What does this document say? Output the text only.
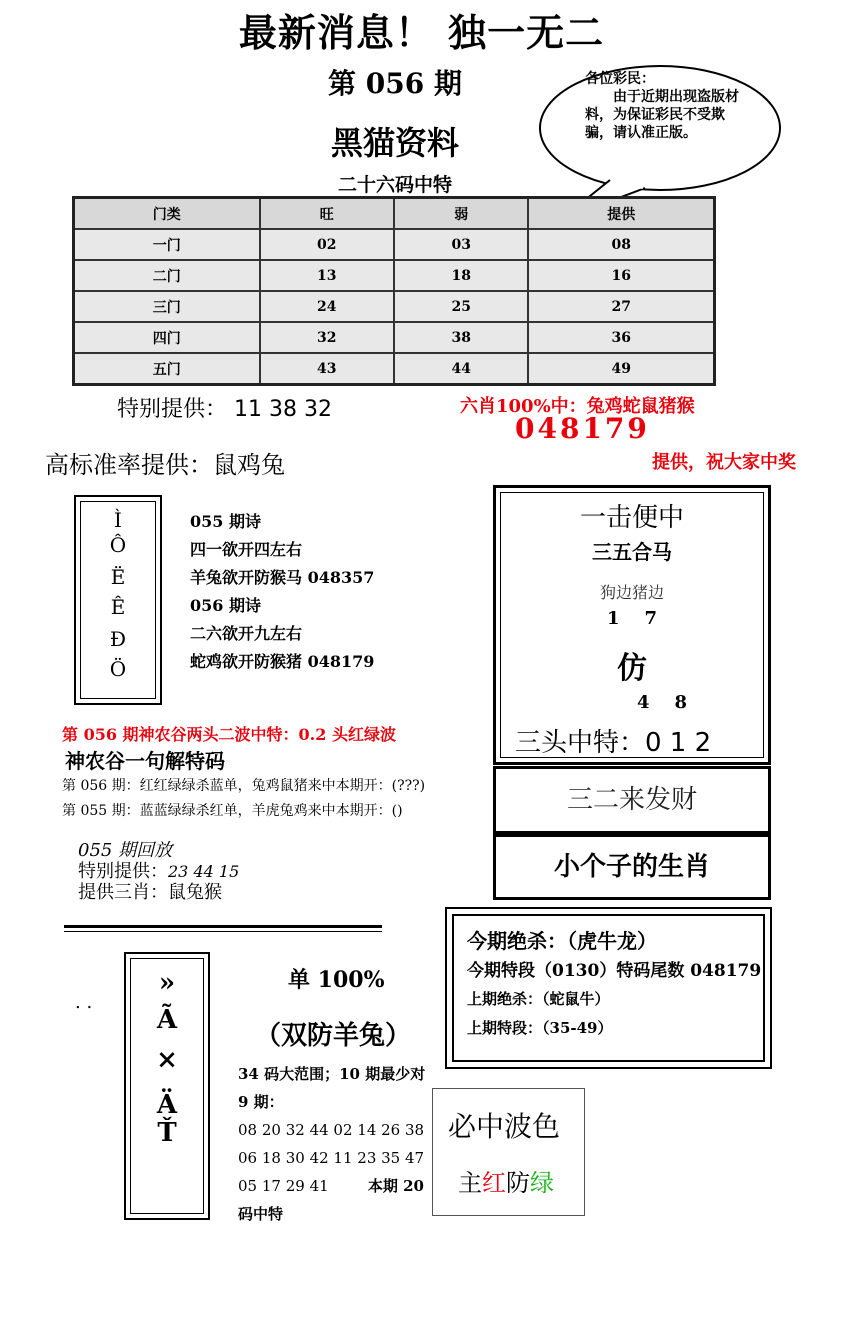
最新消息！ 独一无二
第 056 期
黑猫资料
二十六码中特
各位彩民：
由于近期出现盗版材料，为保证彩民不受欺骗，请认准正版。
门类	旺	弱	提供
一门	02	03	08
二门	13	18	16
三门	24	25	27
四门	32	38	36
五门	43	44	49
特别提供： 11 38 32	六肖100%中：兔鸡蛇鼠猪猴
048179
高标准率提供：鼠鸡兔	提供，祝大家中奖
Ì
Ô
Ë
Ê
Ð
Ö
055 期诗
四一欲开四左右
羊兔欲开防猴马 048357
056 期诗
二六欲开九左右
蛇鸡欲开防猴猪 048179
第 056 期神农谷两头二波中特：0.2 头红绿波
神农谷一句解特码
第 056 期：红红绿绿杀蓝单，兔鸡鼠猪来中本期开：(???)
第 055 期：蓝蓝绿绿杀红单，羊虎兔鸡来中本期开：()
055 期回放
特别提供：23 44 15
提供三肖：鼠兔猴
一击便中
三五合马
狗边猪边
1    7
仿
4    8
三头中特：0 1 2
三二来发财
小个子的生肖
今期绝杀：（虎牛龙）
今期特段（0130）特码尾数 048179
上期绝杀：（蛇鼠牛）
上期特段：（35-49）
. .
»
Ã
×
Ä
Ť
单 100%
（双防羊兔）
34 码大范围；10 期最少对 9 期：
08 20 32 44 02 14 26 38
06 18 30 42 11 23 35 47
05 17 29 41	本期 20 码中特
必中波色
主红防绿
